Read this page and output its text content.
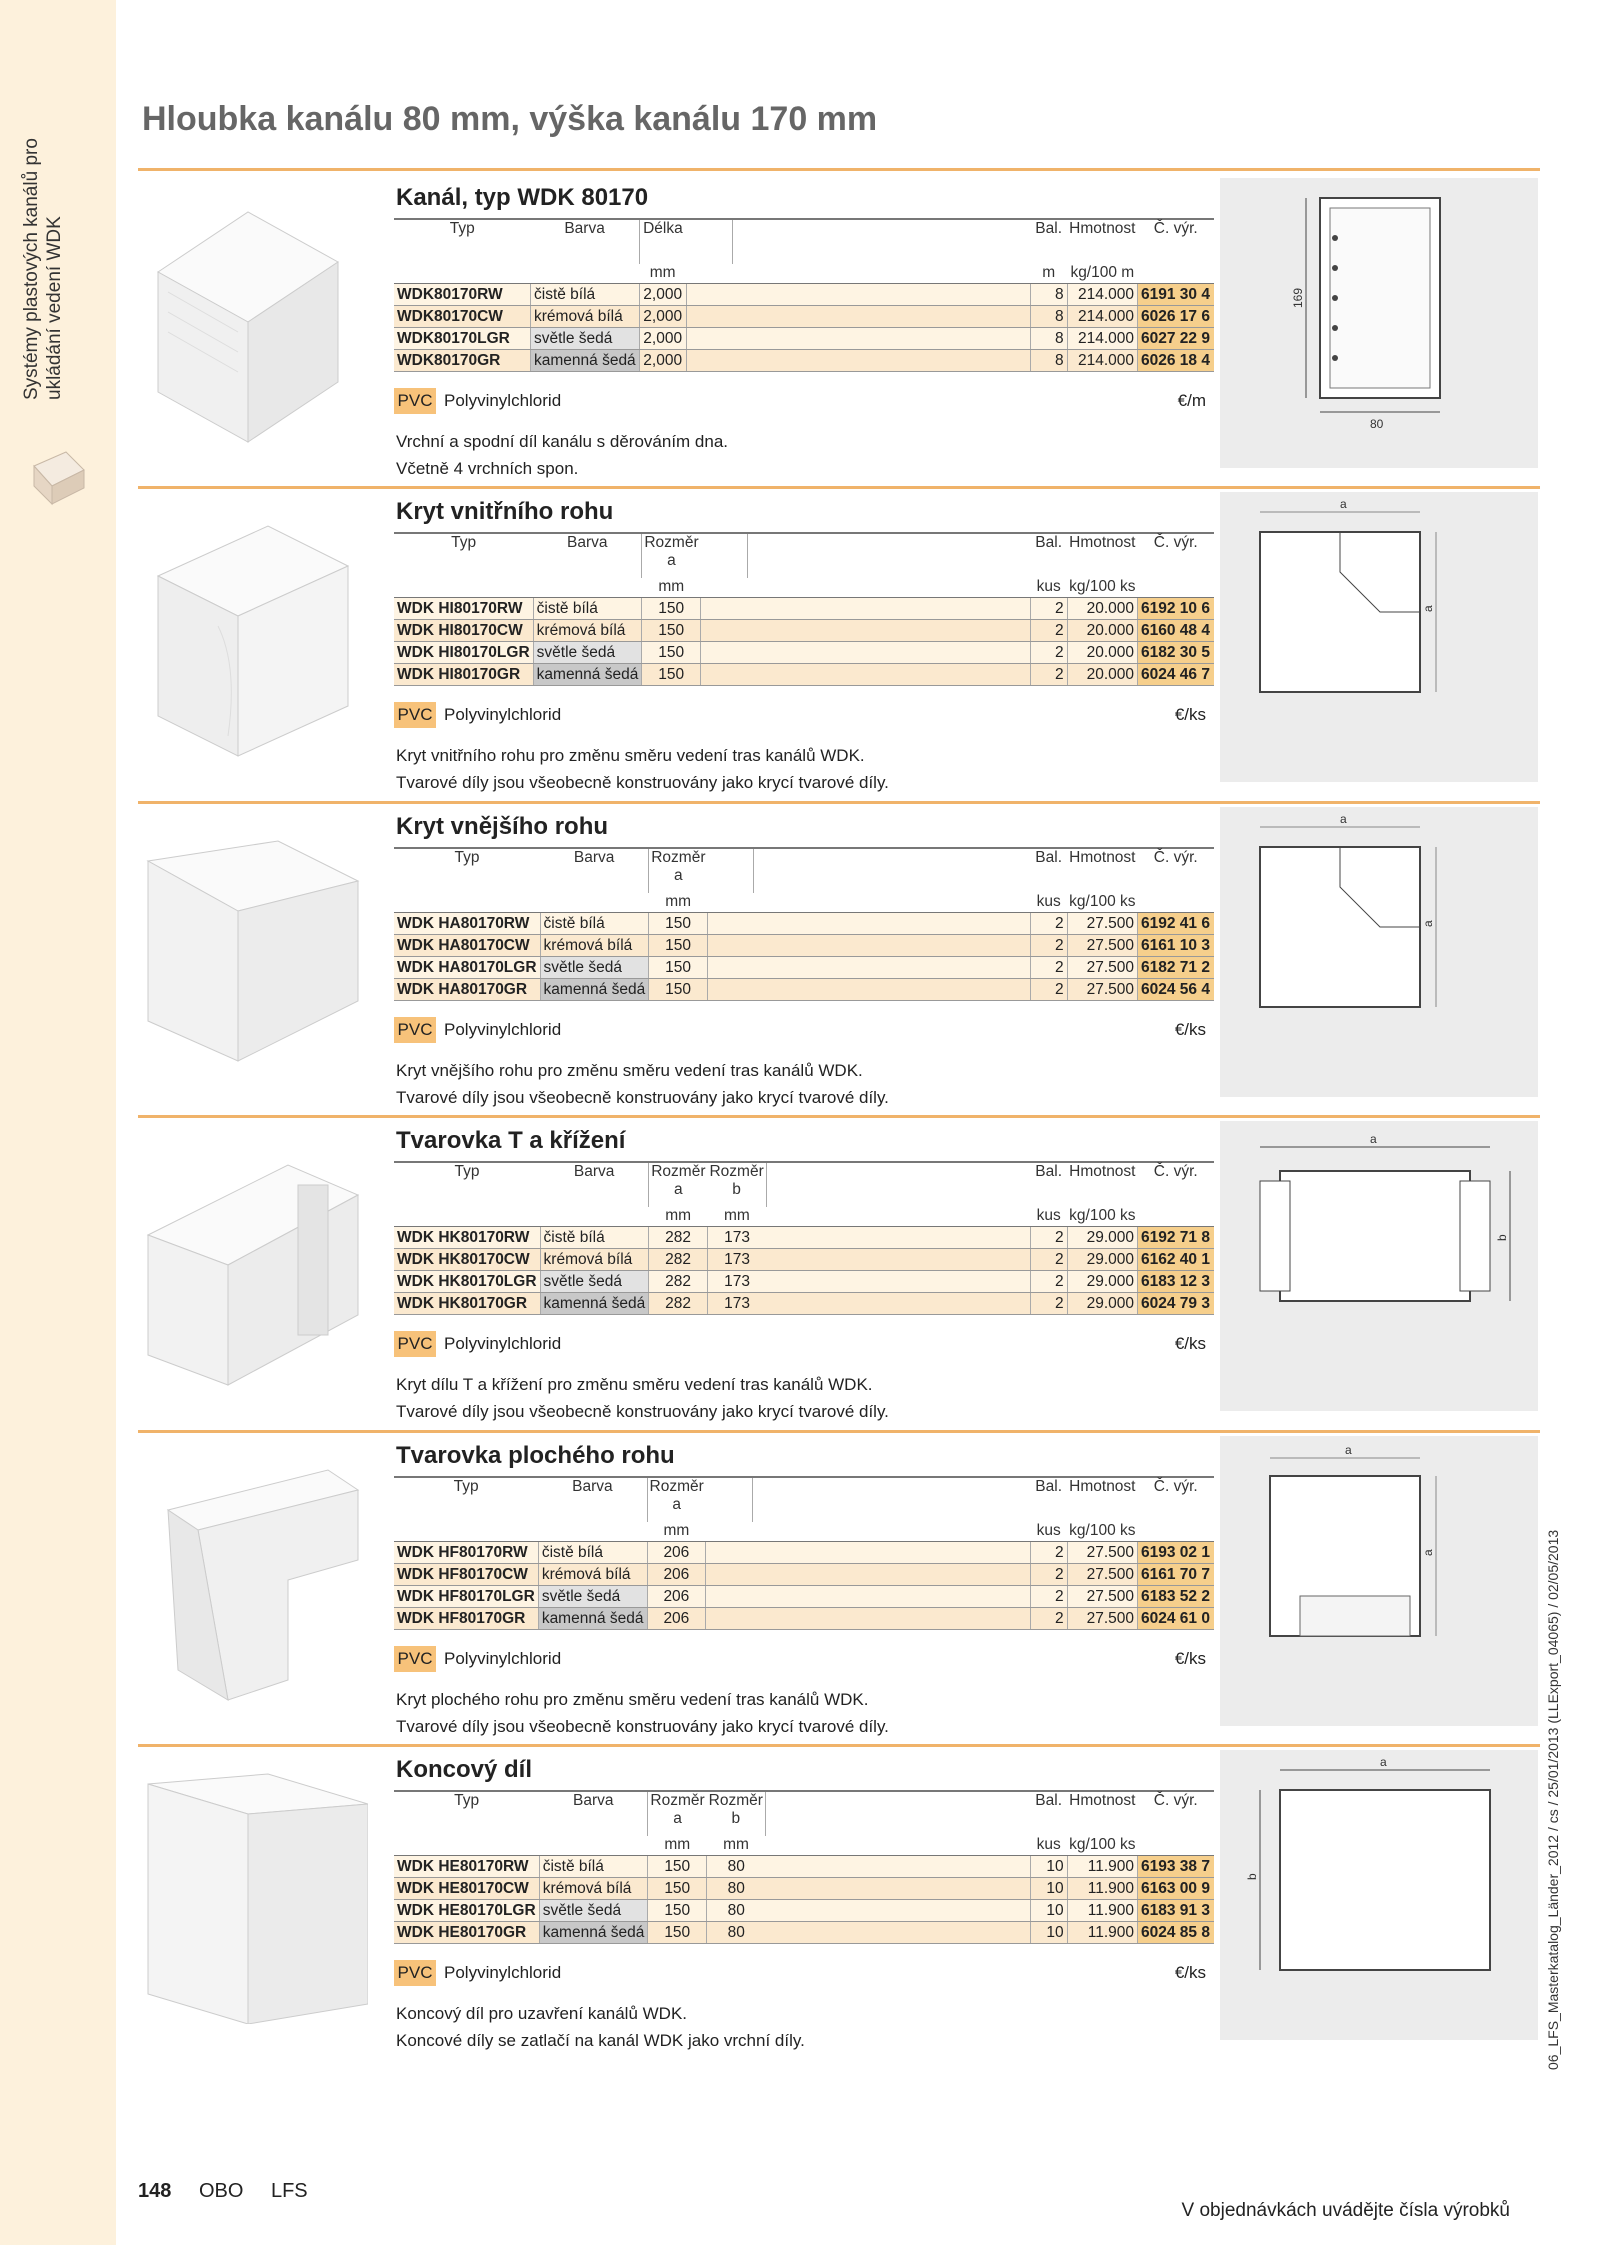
Systémy plastových kanálů pro ukládání vedení WDK
Hloubka kanálu 80 mm, výška kanálu 170 mm
06_LFS_Masterkatalog_Länder_2012 / cs / 25/01/2013 (LLExport_04065) / 02/05/2013
Kanál, typ WDK 80170
Typ	Barva	Délka			Bal.	Hmotnost	Č. výr.
		mm			m	kg/100 m	
WDK80170RW	čistě bílá	2,000			8	214.000	6191 30 4
WDK80170CW	krémová bílá	2,000			8	214.000	6026 17 6
WDK80170LGR	světle šedá	2,000			8	214.000	6027 22 9
WDK80170GR	kamenná šedá	2,000			8	214.000	6026 18 4
PVC Polyvinylchlorid	€/m

Vrchní a spodní díl kanálu s děrováním dna.

Včetně 4 vrchních spon.

169
80
Kryt vnitřního rohu
Typ	Barva	Rozměr
a			Bal.	Hmotnost	Č. výr.
		mm			kus	kg/100 ks	
WDK HI80170RW	čistě bílá	150			2	20.000	6192 10 6
WDK HI80170CW	krémová bílá	150			2	20.000	6160 48 4
WDK HI80170LGR	světle šedá	150			2	20.000	6182 30 5
WDK HI80170GR	kamenná šedá	150			2	20.000	6024 46 7
PVC Polyvinylchlorid	€/ks

Kryt vnitřního rohu pro změnu směru vedení tras kanálů WDK.

Tvarové díly jsou všeobecně konstruovány jako krycí tvarové díly.

a
a
Kryt vnějšího rohu
Typ	Barva	Rozměr
a			Bal.	Hmotnost	Č. výr.
		mm			kus	kg/100 ks	
WDK HA80170RW	čistě bílá	150			2	27.500	6192 41 6
WDK HA80170CW	krémová bílá	150			2	27.500	6161 10 3
WDK HA80170LGR	světle šedá	150			2	27.500	6182 71 2
WDK HA80170GR	kamenná šedá	150			2	27.500	6024 56 4
PVC Polyvinylchlorid	€/ks

Kryt vnějšího rohu pro změnu směru vedení tras kanálů WDK.

Tvarové díly jsou všeobecně konstruovány jako krycí tvarové díly.

a
a
Tvarovka T a křížení
Typ	Barva	Rozměr
a	Rozměr
b		Bal.	Hmotnost	Č. výr.
		mm	mm		kus	kg/100 ks	
WDK HK80170RW	čistě bílá	282	173		2	29.000	6192 71 8
WDK HK80170CW	krémová bílá	282	173		2	29.000	6162 40 1
WDK HK80170LGR	světle šedá	282	173		2	29.000	6183 12 3
WDK HK80170GR	kamenná šedá	282	173		2	29.000	6024 79 3
PVC Polyvinylchlorid	€/ks

Kryt dílu T a křížení pro změnu směru vedení tras kanálů WDK.

Tvarové díly jsou všeobecně konstruovány jako krycí tvarové díly.

a
b
Tvarovka plochého rohu
Typ	Barva	Rozměr
a			Bal.	Hmotnost	Č. výr.
		mm			kus	kg/100 ks	
WDK HF80170RW	čistě bílá	206			2	27.500	6193 02 1
WDK HF80170CW	krémová bílá	206			2	27.500	6161 70 7
WDK HF80170LGR	světle šedá	206			2	27.500	6183 52 2
WDK HF80170GR	kamenná šedá	206			2	27.500	6024 61 0
PVC Polyvinylchlorid	€/ks

Kryt plochého rohu pro změnu směru vedení tras kanálů WDK.

Tvarové díly jsou všeobecně konstruovány jako krycí tvarové díly.

a
a
Koncový díl
Typ	Barva	Rozměr
a	Rozměr
b		Bal.	Hmotnost	Č. výr.
		mm	mm		kus	kg/100 ks	
WDK HE80170RW	čistě bílá	150	80		10	11.900	6193 38 7
WDK HE80170CW	krémová bílá	150	80		10	11.900	6163 00 9
WDK HE80170LGR	světle šedá	150	80		10	11.900	6183 91 3
WDK HE80170GR	kamenná šedá	150	80		10	11.900	6024 85 8
PVC Polyvinylchlorid	€/ks

Koncový díl pro uzavření kanálů WDK.

Koncové díly se zatlačí na kanál WDK jako vrchní díly.

a
b
148 OBO LFS
V objednávkách uvádějte čísla výrobků
